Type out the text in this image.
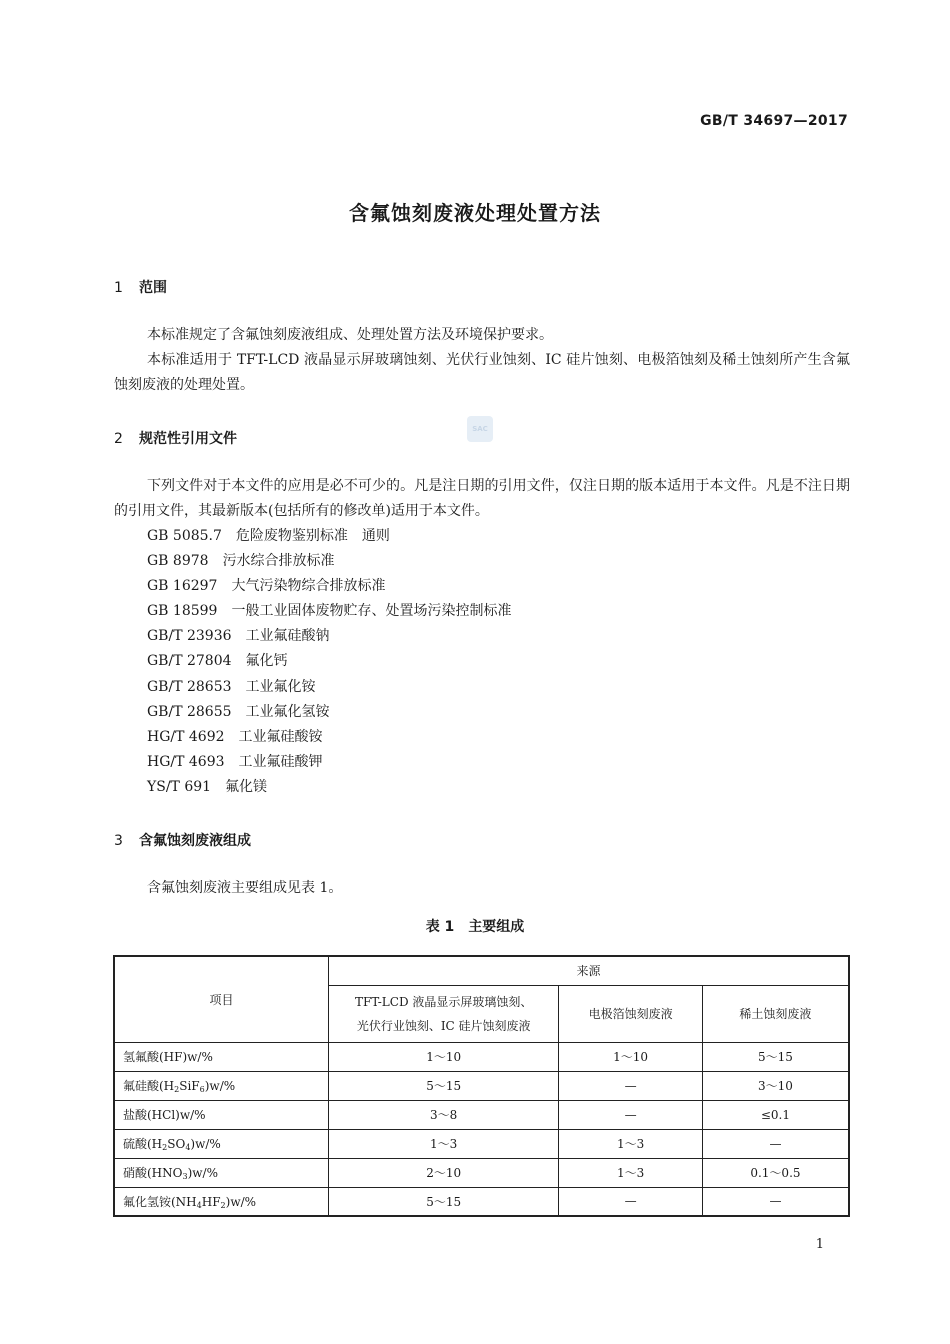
GB/T 34697—2017
含氟蚀刻废液处理处置方法
1 范围
本标准规定了含氟蚀刻废液组成、处理处置方法及环境保护要求。
本标准适用于 TFT-LCD 液晶显示屏玻璃蚀刻、光伏行业蚀刻、IC 硅片蚀刻、电极箔蚀刻及稀土蚀刻所产生含氟蚀刻废液的处理处置。
SAC
2 规范性引用文件
下列文件对于本文件的应用是必不可少的。凡是注日期的引用文件，仅注日期的版本适用于本文件。凡是不注日期的引用文件，其最新版本(包括所有的修改单)适用于本文件。
GB 5085.7 危险废物鉴别标准　通则
GB 8978 污水综合排放标准
GB 16297 大气污染物综合排放标准
GB 18599 一般工业固体废物贮存、处置场污染控制标准
GB/T 23936 工业氟硅酸钠
GB/T 27804 氟化钙
GB/T 28653 工业氟化铵
GB/T 28655 工业氟化氢铵
HG/T 4692 工业氟硅酸铵
HG/T 4693 工业氟硅酸钾
YS/T 691 氟化镁
3 含氟蚀刻废液组成
含氟蚀刻废液主要组成见表 1。
表 1 主要组成
项目	来源		

	TFT-LCD 液晶显示屏玻璃蚀刻、
光伏行业蚀刻、IC 硅片蚀刻废液	电极箔蚀刻废液	稀土蚀刻废液
氢氟酸(HF)w/%	1～10	1～10	5～15
氟硅酸$(H_2SiF_6)w/\%$	5～15	—	3～10
盐酸(HCl)w/%	3～8	—	≤0.1
硫酸$(H_2SO_4)w/\%$	1～3	1～3	—
硝酸$(HNO_3)w/\%$	2～10	1～3	0.1～0.5
氟化氢铵$(NH_4HF_2)w/\%$	5～15	—	—
1
